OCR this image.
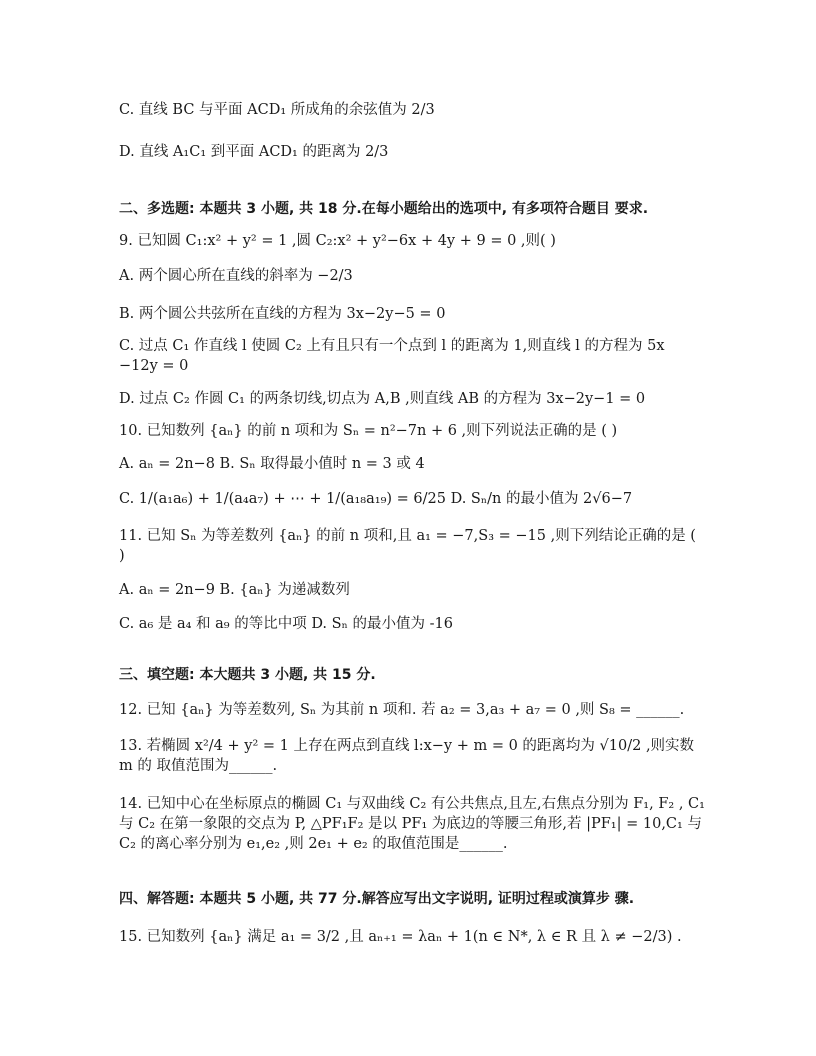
C. 直线 BC 与平面 ACD₁ 所成角的余弦值为 2/3
D. 直线 A₁C₁ 到平面 ACD₁ 的距离为 2/3
二、多选题: 本题共 3 小题, 共 18 分.在每小题给出的选项中, 有多项符合题目 要求.
9. 已知圆 C₁:x² + y² = 1 ,圆 C₂:x² + y²−6x + 4y + 9 = 0 ,则( )
A. 两个圆心所在直线的斜率为 −2/3
B. 两个圆公共弦所在直线的方程为 3x−2y−5 = 0
C. 过点 C₁ 作直线 l 使圆 C₂ 上有且只有一个点到 l 的距离为 1,则直线 l 的方程为 5x −12y = 0
D. 过点 C₂ 作圆 C₁ 的两条切线,切点为 A,B ,则直线 AB 的方程为 3x−2y−1 = 0
10. 已知数列 {aₙ} 的前 n 项和为 Sₙ = n²−7n + 6 ,则下列说法正确的是 ( )
A. aₙ = 2n−8 B. Sₙ 取得最小值时 n = 3 或 4
C. 1/(a₁a₆) + 1/(a₄a₇) + ⋯ + 1/(a₁₈a₁₉) = 6/25 D. Sₙ/n 的最小值为 2√6−7
11. 已知 Sₙ 为等差数列 {aₙ} 的前 n 项和,且 a₁ = −7,S₃ = −15 ,则下列结论正确的是 ( )
A. aₙ = 2n−9 B. {aₙ} 为递减数列
C. a₆ 是 a₄ 和 a₉ 的等比中项 D. Sₙ 的最小值为 -16
三、填空题: 本大题共 3 小题, 共 15 分.
12. 已知 {aₙ} 为等差数列, Sₙ 为其前 n 项和. 若 a₂ = 3,a₃ + a₇ = 0 ,则 S₈ = ______.
13. 若椭圆 x²/4 + y² = 1 上存在两点到直线 l:x−y + m = 0 的距离均为 √10/2 ,则实数 m 的 取值范围为______.
14. 已知中心在坐标原点的椭圆 C₁ 与双曲线 C₂ 有公共焦点,且左,右焦点分别为 F₁, F₂ , C₁ 与 C₂ 在第一象限的交点为 P, △PF₁F₂ 是以 PF₁ 为底边的等腰三角形,若 |PF₁| = 10,C₁ 与 C₂ 的离心率分别为 e₁,e₂ ,则 2e₁ + e₂ 的取值范围是______.
四、解答题: 本题共 5 小题, 共 77 分.解答应写出文字说明, 证明过程或演算步 骤.
15. 已知数列 {aₙ} 满足 a₁ = 3/2 ,且 aₙ₊₁ = λaₙ + 1(n ∈ N*, λ ∈ R 且 λ ≠ −2/3) .
